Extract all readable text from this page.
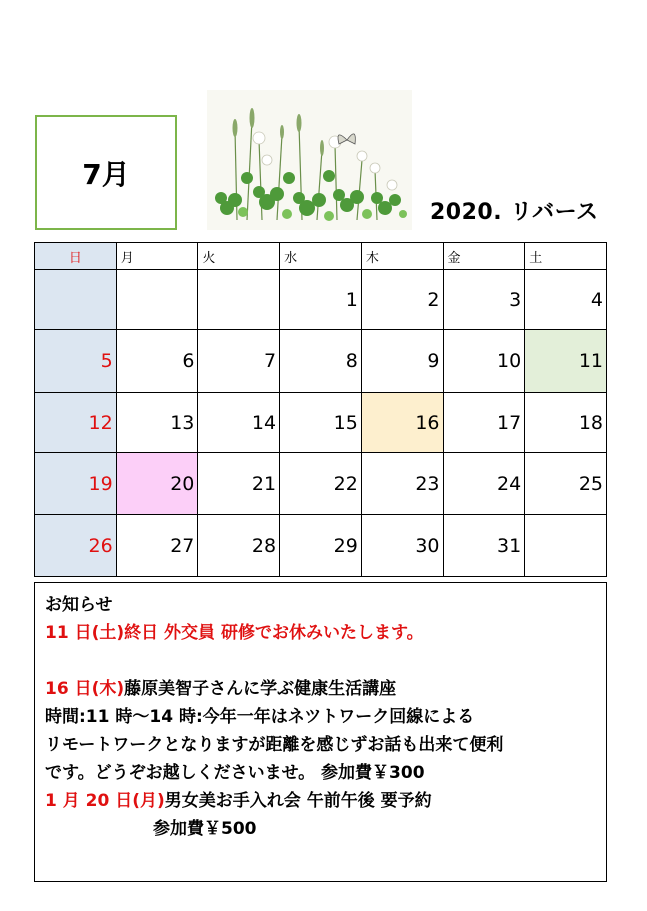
7月
2020. リバース
日	月	火	水	木	金	土
			1	2	3	4
5	6	7	8	9	10	11
12	13	14	15	16	17	18
19	20	21	22	23	24	25
26	27	28	29	30	31	
お知らせ
11 日(土)終日 外交員 研修でお休みいたします。
16 日(木)藤原美智子さんに学ぶ健康生活講座
時間:11 時～14 時:今年一年はネツトワーク回線による
リモートワークとなりますが距離を感じずお話も出来て便利
です。どうぞお越しくださいませ。 参加費￥300
1 月 20 日(月)男女美お手入れ会 午前午後 要予約
参加費￥500
